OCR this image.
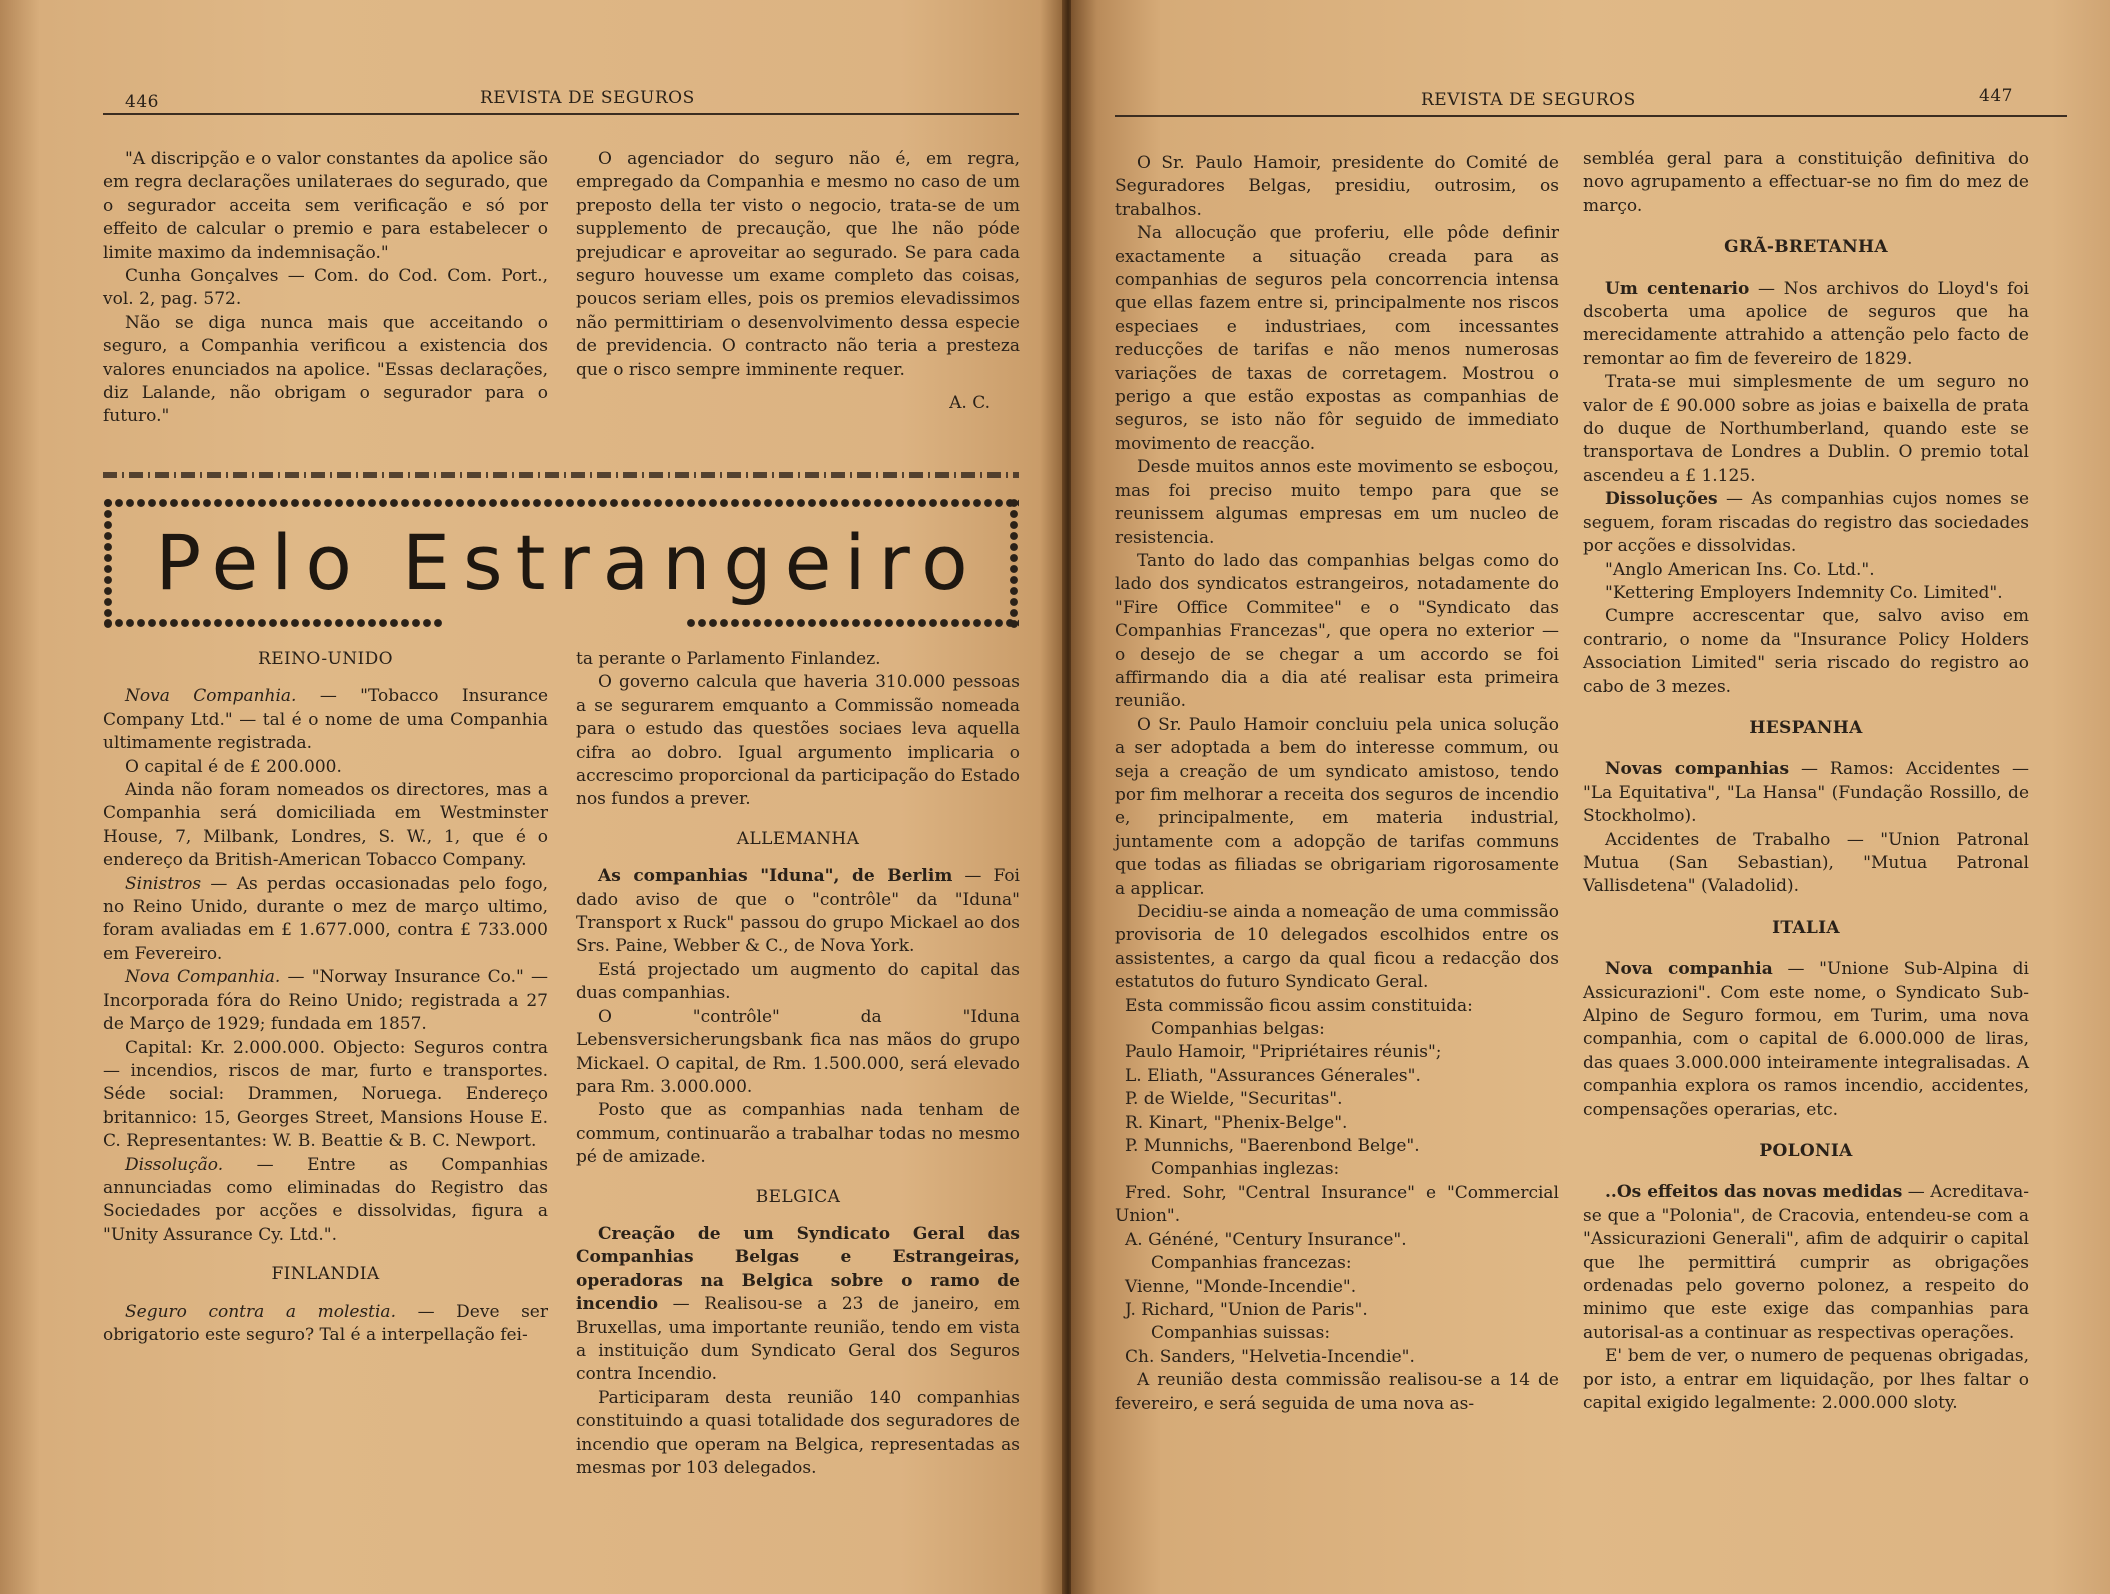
446	REVISTA DE SEGUROS

"A discripção e o valor constantes da apolice são em regra declarações unilateraes do segurado, que o segurador acceita sem verificação e só por effeito de calcular o premio e para estabelecer o limite maximo da indemnisação."

Cunha Gonçalves — Com. do Cod. Com. Port., vol. 2, pag. 572.

Não se diga nunca mais que acceitando o seguro, a Companhia verificou a existencia dos valores enunciados na apolice. "Essas declarações, diz Lalande, não obrigam o segurador para o futuro."

O agenciador do seguro não é, em regra, empregado da Companhia e mesmo no caso de um preposto della ter visto o negocio, trata-se de um supplemento de precaução, que lhe não póde prejudicar e aproveitar ao segurado. Se para cada seguro houvesse um exame completo das coisas, poucos seriam elles, pois os premios elevadissimos não permittiriam o desenvolvimento dessa especie de previdencia. O contracto não teria a presteza que o risco sempre imminente requer.

A. C.

Pelo Estrangeiro

REINO-UNIDO

Nova Companhia. — "Tobacco Insurance Company Ltd." — tal é o nome de uma Companhia ultimamente registrada.

O capital é de £ 200.000.

Ainda não foram nomeados os directores, mas a Companhia será domiciliada em Westminster House, 7, Milbank, Londres, S. W., 1, que é o endereço da British-American Tobacco Company.

Sinistros — As perdas occasionadas pelo fogo, no Reino Unido, durante o mez de março ultimo, foram avaliadas em £ 1.677.000, contra £ 733.000 em Fevereiro.

Nova Companhia. — "Norway Insurance Co." — Incorporada fóra do Reino Unido; registrada a 27 de Março de 1929; fundada em 1857.

Capital: Kr. 2.000.000. Objecto: Seguros contra — incendios, riscos de mar, furto e transportes. Séde social: Drammen, Noruega. Endereço britannico: 15, Georges Street, Mansions House E. C. Representantes: W. B. Beattie & B. C. Newport.

Dissolução. — Entre as Companhias annunciadas como eliminadas do Registro das Sociedades por acções e dissolvidas, figura a "Unity Assurance Cy. Ltd.".

FINLANDIA

Seguro contra a molestia. — Deve ser obrigatorio este seguro? Tal é a interpellação fei-

ta perante o Parlamento Finlandez.

O governo calcula que haveria 310.000 pessoas a se segurarem emquanto a Commissão nomeada para o estudo das questões sociaes leva aquella cifra ao dobro. Igual argumento implicaria o accrescimo proporcional da participação do Estado nos fundos a prever.

ALLEMANHA

As companhias "Iduna", de Berlim — Foi dado aviso de que o "contrôle" da "Iduna" Transport x Ruck" passou do grupo Mickael ao dos Srs. Paine, Webber & C., de Nova York.

Está projectado um augmento do capital das duas companhias.

O "contrôle" da "Iduna Lebensversicherungsbank fica nas mãos do grupo Mickael. O capital, de Rm. 1.500.000, será elevado para Rm. 3.000.000.

Posto que as companhias nada tenham de commum, continuarão a trabalhar todas no mesmo pé de amizade.

BELGICA

Creação de um Syndicato Geral das Companhias Belgas e Estrangeiras, operadoras na Belgica sobre o ramo de incendio — Realisou-se a 23 de janeiro, em Bruxellas, uma importante reunião, tendo em vista a instituição dum Syndicato Geral dos Seguros contra Incendio.

Participaram desta reunião 140 companhias constituindo a quasi totalidade dos seguradores de incendio que operam na Belgica, representadas as mesmas por 103 delegados.

REVISTA DE SEGUROS	447

O Sr. Paulo Hamoir, presidente do Comité de Seguradores Belgas, presidiu, outrosim, os trabalhos.

Na allocução que proferiu, elle pôde definir exactamente a situação creada para as companhias de seguros pela concorrencia intensa que ellas fazem entre si, principalmente nos riscos especiaes e industriaes, com incessantes reducções de tarifas e não menos numerosas variações de taxas de corretagem. Mostrou o perigo a que estão expostas as companhias de seguros, se isto não fôr seguido de immediato movimento de reacção.

Desde muitos annos este movimento se esboçou, mas foi preciso muito tempo para que se reunissem algumas empresas em um nucleo de resistencia.

Tanto do lado das companhias belgas como do lado dos syndicatos estrangeiros, notadamente do "Fire Office Commitee" e o "Syndicato das Companhias Francezas", que opera no exterior — o desejo de se chegar a um accordo se foi affirmando dia a dia até realisar esta primeira reunião.

O Sr. Paulo Hamoir concluiu pela unica solução a ser adoptada a bem do interesse commum, ou seja a creação de um syndicato amistoso, tendo por fim melhorar a receita dos seguros de incendio e, principalmente, em materia industrial, juntamente com a adopção de tarifas communs que todas as filiadas se obrigariam rigorosamente a applicar.

Decidiu-se ainda a nomeação de uma commissão provisoria de 10 delegados escolhidos entre os assistentes, a cargo da qual ficou a redacção dos estatutos do futuro Syndicato Geral.

Esta commissão ficou assim constituida:

Companhias belgas:

Paulo Hamoir, "Pripriétaires réunis";

L. Eliath, "Assurances Génerales".

P. de Wielde, "Securitas".

R. Kinart, "Phenix-Belge".

P. Munnichs, "Baerenbond Belge".

Companhias inglezas:

Fred. Sohr, "Central Insurance" e "Commercial Union".

A. Généné, "Century Insurance".

Companhias francezas:

Vienne, "Monde-Incendie".

J. Richard, "Union de Paris".

Companhias suissas:

Ch. Sanders, "Helvetia-Incendie".

A reunião desta commissão realisou-se a 14 de fevereiro, e será seguida de uma nova as-

sembléa geral para a constituição definitiva do novo agrupamento a effectuar-se no fim do mez de março.

GRÃ-BRETANHA

Um centenario — Nos archivos do Lloyd's foi dscoberta uma apolice de seguros que ha merecidamente attrahido a attenção pelo facto de remontar ao fim de fevereiro de 1829.

Trata-se mui simplesmente de um seguro no valor de £ 90.000 sobre as joias e baixella de prata do duque de Northumberland, quando este se transportava de Londres a Dublin. O premio total ascendeu a £ 1.125.

Dissoluções — As companhias cujos nomes se seguem, foram riscadas do registro das sociedades por acções e dissolvidas.

"Anglo American Ins. Co. Ltd.".

"Kettering Employers Indemnity Co. Limited".

Cumpre accrescentar que, salvo aviso em contrario, o nome da "Insurance Policy Holders Association Limited" seria riscado do registro ao cabo de 3 mezes.

HESPANHA

Novas companhias — Ramos: Accidentes — "La Equitativa", "La Hansa" (Fundação Rossillo, de Stockholmo).

Accidentes de Trabalho — "Union Patronal Mutua (San Sebastian), "Mutua Patronal Vallisdetena" (Valadolid).

ITALIA

Nova companhia — "Unione Sub-Alpina di Assicurazioni". Com este nome, o Syndicato Sub-Alpino de Seguro formou, em Turim, uma nova companhia, com o capital de 6.000.000 de liras, das quaes 3.000.000 inteiramente integralisadas. A companhia explora os ramos incendio, accidentes, compensações operarias, etc.

POLONIA

..Os effeitos das novas medidas — Acreditava-se que a "Polonia", de Cracovia, entendeu-se com a "Assicurazioni Generali", afim de adquirir o capital que lhe permittirá cumprir as obrigações ordenadas pelo governo polonez, a respeito do minimo que este exige das companhias para autorisal-as a continuar as respectivas operações.

E' bem de ver, o numero de pequenas obrigadas, por isto, a entrar em liquidação, por lhes faltar o capital exigido legalmente: 2.000.000 sloty.
